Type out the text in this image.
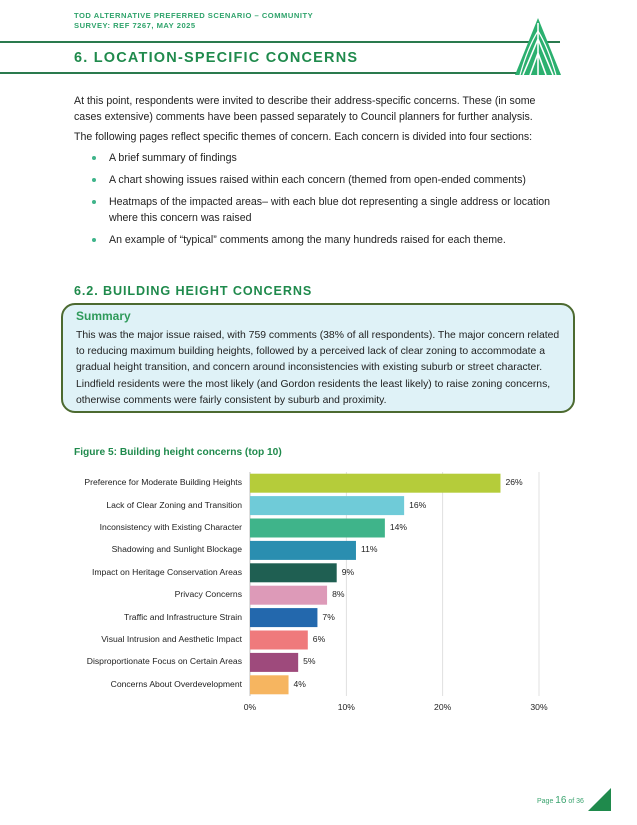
TOD ALTERNATIVE PREFERRED SCENARIO – COMMUNITY
SURVEY: REF 7267, MAY 2025
6. LOCATION-SPECIFIC CONCERNS

At this point, respondents were invited to describe their address-specific concerns. These (in some cases extensive) comments have been passed separately to Council planners for further analysis.

The following pages reflect specific themes of concern. Each concern is divided into four sections:

A brief summary of findings
A chart showing issues raised within each concern (themed from open-ended comments)
Heatmaps of the impacted areas– with each blue dot representing a single address or location where this concern was raised
An example of “typical” comments among the many hundreds raised for each theme.
6.2. BUILDING HEIGHT CONCERNS
Summary
This was the major issue raised, with 759 comments (38% of all respondents). The major concern related to reducing maximum building heights, followed by a perceived lack of clear zoning to accommodate a gradual height transition, and concern around inconsistencies with existing suburb or street character. Lindfield residents were the most likely (and Gordon residents the least likely) to raise zoning concerns, otherwise comments were fairly consistent by suburb and proximity.
Figure 5: Building height concerns (top 10)
0%	10%	20%	30%
Preference for Moderate Building Heights	26%
Lack of Clear Zoning and Transition	16%
Inconsistency with Existing Character	14%
Shadowing and Sunlight Blockage	11%
Impact on Heritage Conservation Areas	9%
Privacy Concerns	8%
Traffic and Infrastructure Strain	7%
Visual Intrusion and Aesthetic Impact	6%
Disproportionate Focus on Certain Areas	5%
Concerns About Overdevelopment	4%
Page 16 of 36
